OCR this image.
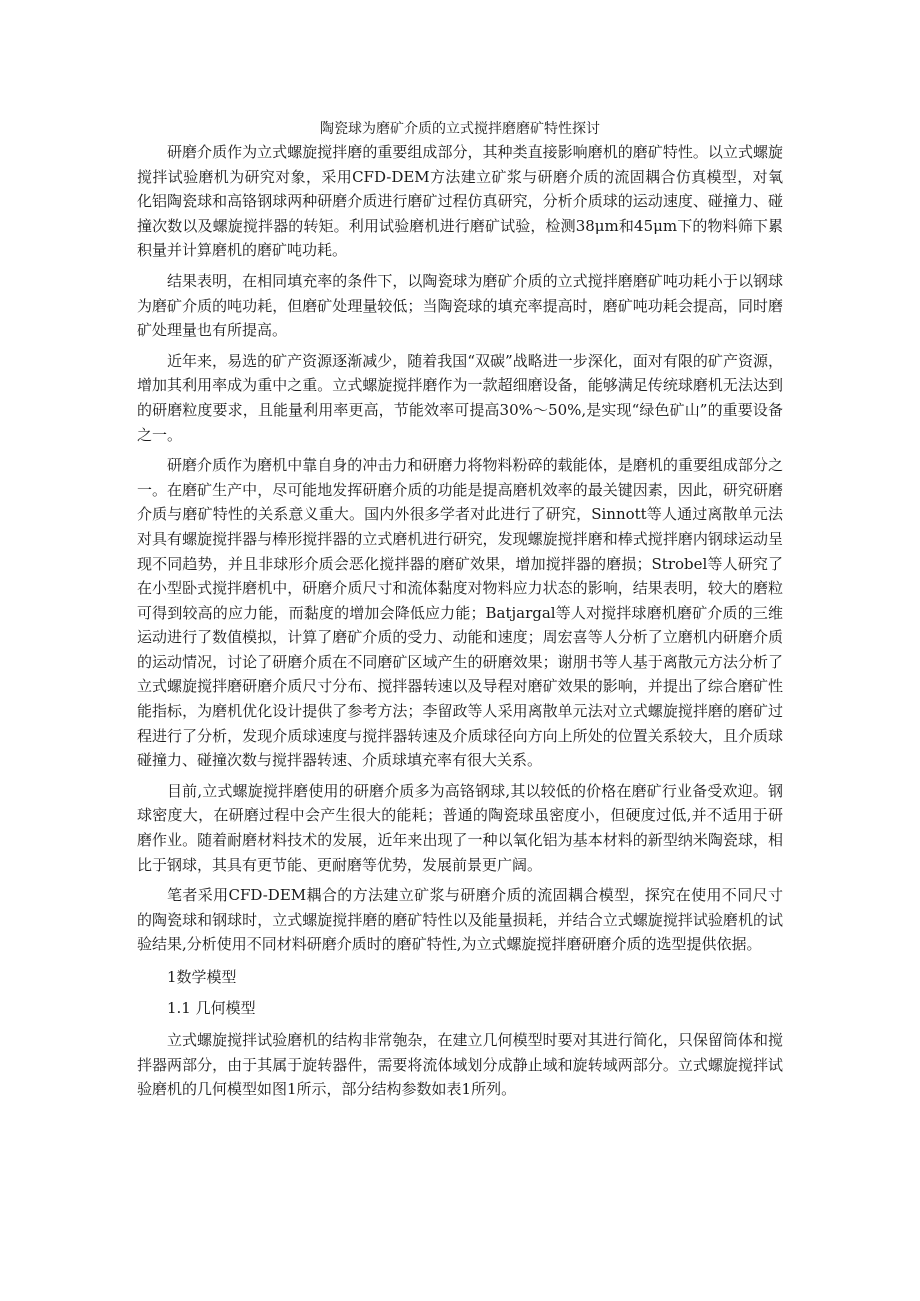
陶瓷球为磨矿介质的立式搅拌磨磨矿特性探讨

研磨介质作为立式螺旋搅拌磨的重要组成部分，其种类直接影响磨机的磨矿特性。以立式螺旋搅拌试验磨机为研究对象，采用CFD-DEM方法建立矿浆与研磨介质的流固耦合仿真模型，对氧化铝陶瓷球和高铬钢球两种研磨介质进行磨矿过程仿真研究，分析介质球的运动速度、碰撞力、碰撞次数以及螺旋搅拌器的转矩。利用试验磨机进行磨矿试验，检测38μm和45μm下的物料筛下累积量并计算磨机的磨矿吨功耗。

结果表明，在相同填充率的条件下，以陶瓷球为磨矿介质的立式搅拌磨磨矿吨功耗小于以钢球为磨矿介质的吨功耗，但磨矿处理量较低；当陶瓷球的填充率提高时，磨矿吨功耗会提高，同时磨矿处理量也有所提高。

近年来，易选的矿产资源逐渐减少，随着我国“双碳”战略进一步深化，面对有限的矿产资源，增加其利用率成为重中之重。立式螺旋搅拌磨作为一款超细磨设备，能够满足传统球磨机无法达到的研磨粒度要求，且能量利用率更高，节能效率可提高30%～50%,是实现“绿色矿山”的重要设备之一。

研磨介质作为磨机中靠自身的冲击力和研磨力将物料粉碎的载能体，是磨机的重要组成部分之一。在磨矿生产中，尽可能地发挥研磨介质的功能是提高磨机效率的最关键因素，因此，研究研磨介质与磨矿特性的关系意义重大。国内外很多学者对此进行了研究，Sinnott等人通过离散单元法对具有螺旋搅拌器与棒形搅拌器的立式磨机进行研究，发现螺旋搅拌磨和棒式搅拌磨内钢球运动呈现不同趋势，并且非球形介质会恶化搅拌器的磨矿效果，增加搅拌器的磨损；Strobel等人研究了在小型卧式搅拌磨机中，研磨介质尺寸和流体黏度对物料应力状态的影响，结果表明，较大的磨粒可得到较高的应力能，而黏度的增加会降低应力能；Batjargal等人对搅拌球磨机磨矿介质的三维运动进行了数值模拟，计算了磨矿介质的受力、动能和速度；周宏喜等人分析了立磨机内研磨介质的运动情况，讨论了研磨介质在不同磨矿区域产生的研磨效果；谢朋书等人基于离散元方法分析了立式螺旋搅拌磨研磨介质尺寸分布、搅拌器转速以及导程对磨矿效果的影响，并提出了综合磨矿性能指标，为磨机优化设计提供了参考方法；李留政等人采用离散单元法对立式螺旋搅拌磨的磨矿过程进行了分析，发现介质球速度与搅拌器转速及介质球径向方向上所处的位置关系较大，且介质球碰撞力、碰撞次数与搅拌器转速、介质球填充率有很大关系。

目前,立式螺旋搅拌磨使用的研磨介质多为高铬钢球,其以较低的价格在磨矿行业备受欢迎。钢球密度大，在研磨过程中会产生很大的能耗；普通的陶瓷球虽密度小，但硬度过低,并不适用于研磨作业。随着耐磨材料技术的发展，近年来出现了一种以氧化铝为基本材料的新型纳米陶瓷球，相比于钢球，其具有更节能、更耐磨等优势，发展前景更广阔。

笔者采用CFD-DEM耦合的方法建立矿浆与研磨介质的流固耦合模型，探究在使用不同尺寸的陶瓷球和钢球时，立式螺旋搅拌磨的磨矿特性以及能量损耗，并结合立式螺旋搅拌试验磨机的试验结果,分析使用不同材料研磨介质时的磨矿特性,为立式螺旋搅拌磨研磨介质的选型提供依据。

1数学模型

1.1 几何模型

立式螺旋搅拌试验磨机的结构非常匏杂，在建立几何模型时要对其进行简化，只保留筒体和搅拌器两部分，由于其属于旋转器件，需要将流体域划分成静止域和旋转域两部分。立式螺旋搅拌试验磨机的几何模型如图1所示，部分结构参数如表1所列。
